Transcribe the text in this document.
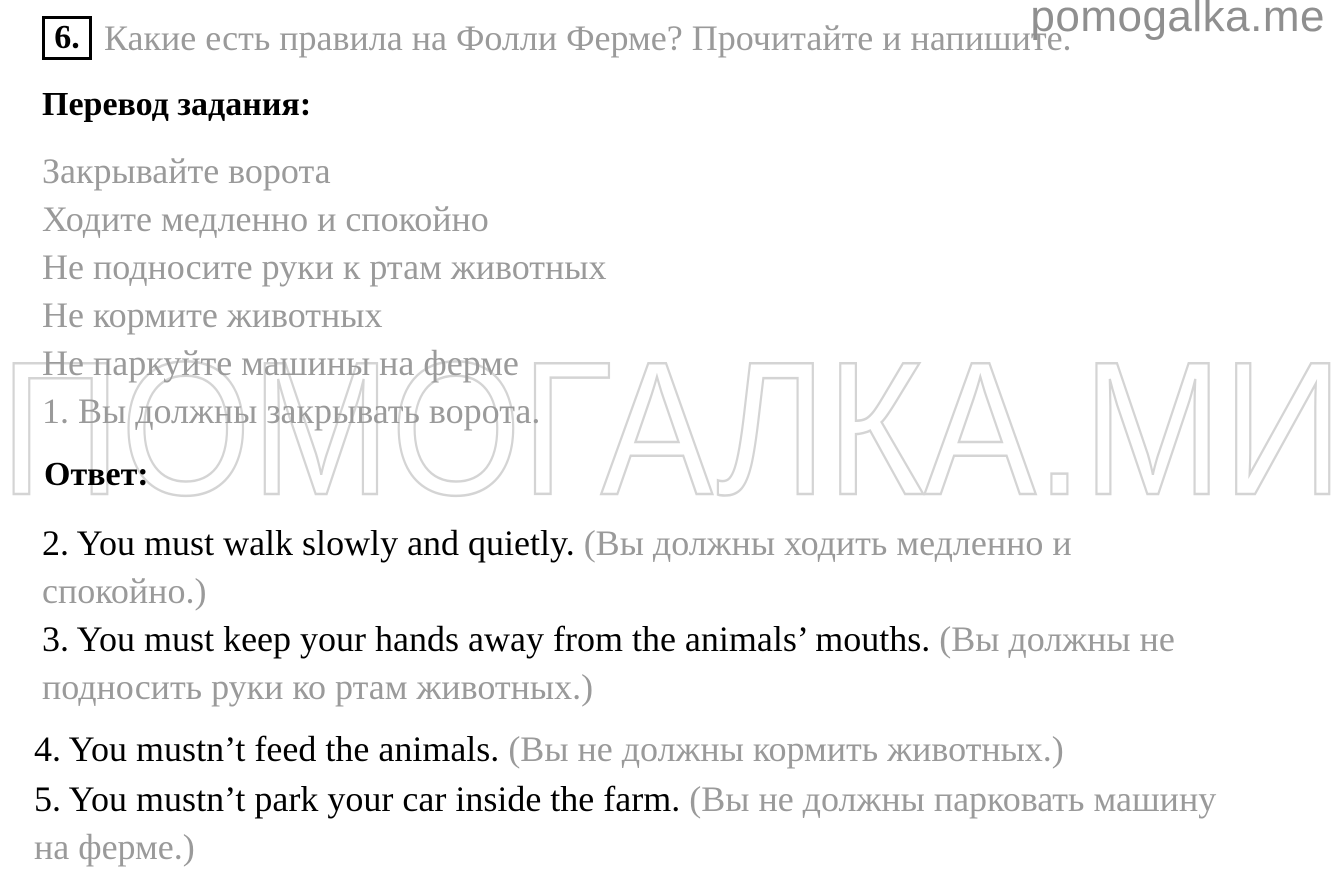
pomogalka.me
ПОМОГАЛКА.МИ
6. Какие есть правила на Фолли Ферме? Прочитайте и напишите.
Перевод задания:
Закрывайте ворота
Ходите медленно и спокойно
Не подносите руки к ртам животных
Не кормите животных
Не паркуйте машины на ферме
1. Вы должны закрывать ворота.
Ответ:
2. You must walk slowly and quietly. (Вы должны ходить медленно и
спокойно.)
3. You must keep your hands away from the animals’ mouths. (Вы должны не
подносить руки ко ртам животных.)
4. You mustn’t feed the animals. (Вы не должны кормить животных.)
5. You mustn’t park your car inside the farm. (Вы не должны парковать машину
на ферме.)
